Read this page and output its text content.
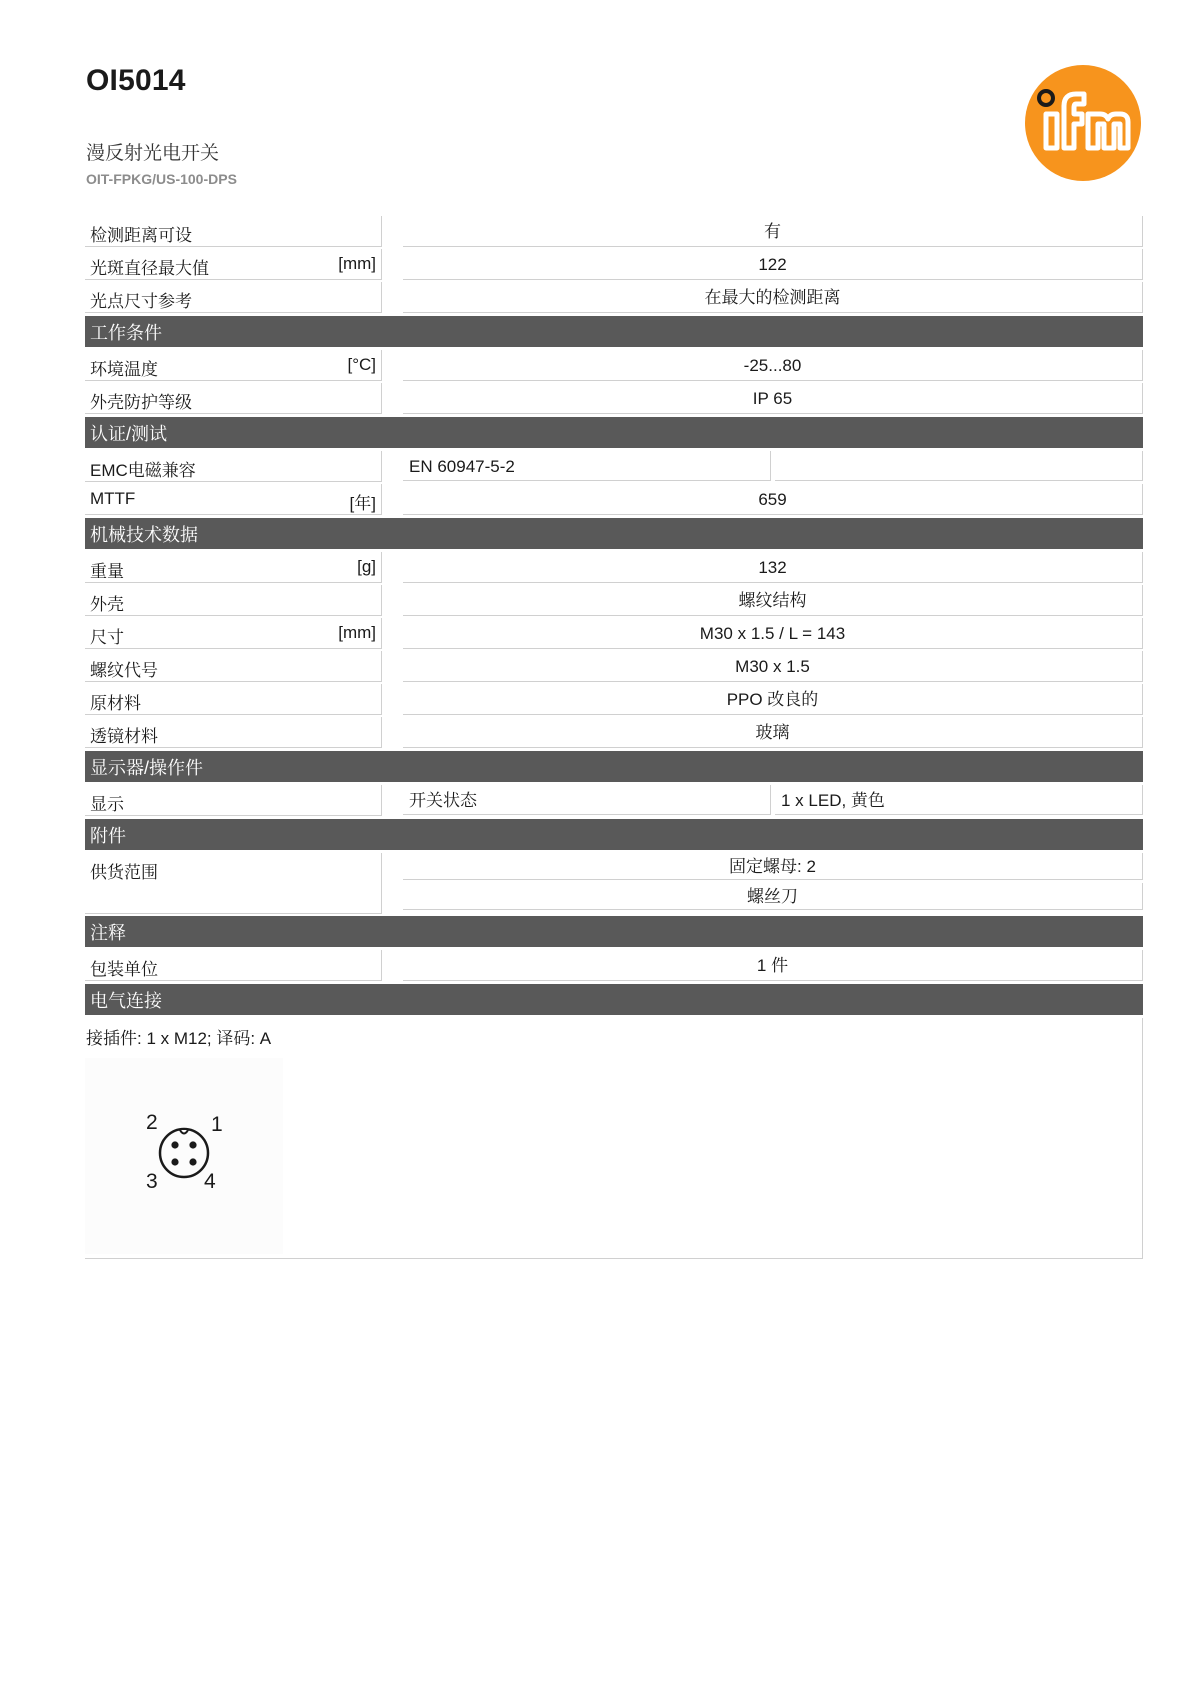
OI5014
漫反射光电开关
OIT-FPKG/US-100-DPS
检测距离可设	有
光斑直径最大值	[mm]	122
光点尺寸参考	在最大的检测距离
工作条件
环境温度	[°C]	-25...80
外壳防护等级	IP 65
认证/测试
EMC电磁兼容	EN 60947-5-2
MTTF	[年]	659
机械技术数据
重量	[g]	132
外壳	螺纹结构
尺寸	[mm]	M30 x 1.5 / L = 143
螺纹代号	M30 x 1.5
原材料	PPO 改良的
透镜材料	玻璃
显示器/操作件
显示	开关状态	1 x LED, 黄色
附件
供货范围	固定螺母: 2
螺丝刀
注释
包装单位	1 件
电气连接
接插件: 1 x M12; 译码: A
1
2
3 4
